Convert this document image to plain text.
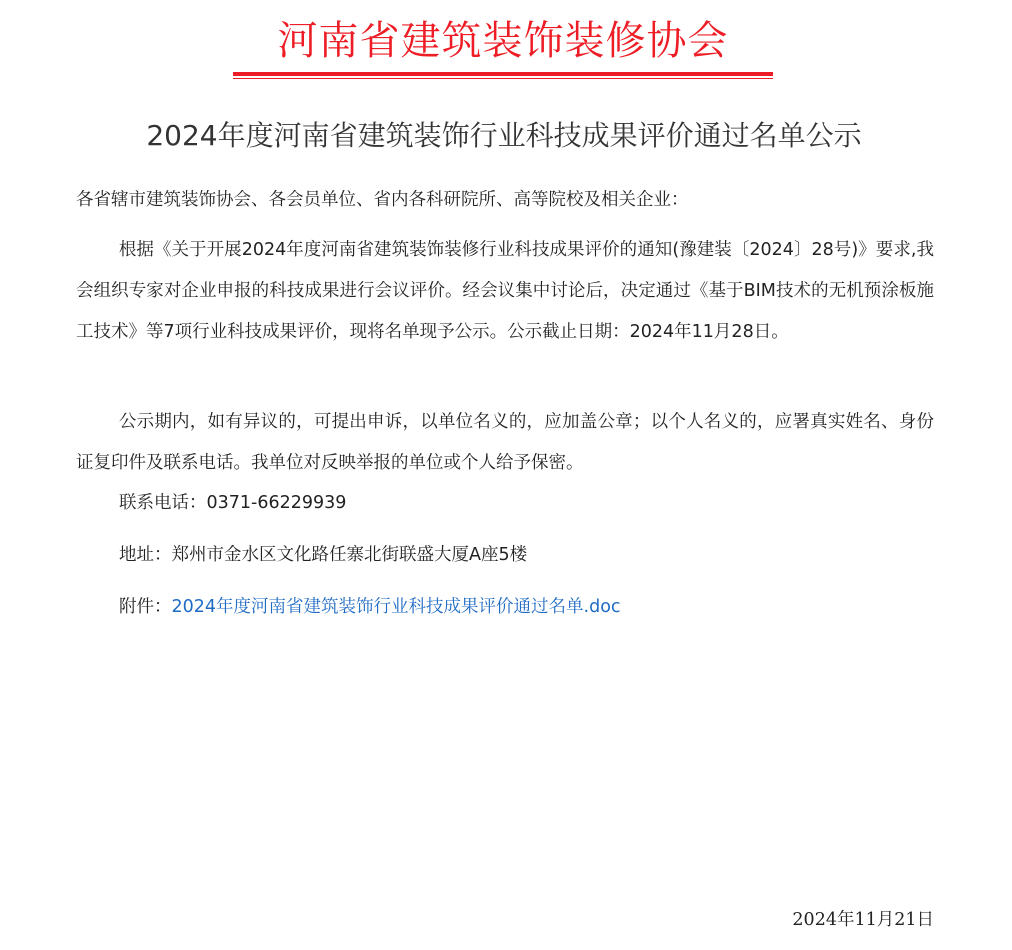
河南省建筑装饰装修协会
2024年度河南省建筑装饰行业科技成果评价通过名单公示
各省辖市建筑装饰协会、各会员单位、省内各科研院所、高等院校及相关企业：
根据《关于开展2024年度河南省建筑装饰装修行业科技成果评价的通知(豫建装〔2024〕28号)》要求,我会组织专家对企业申报的科技成果进行会议评价。经会议集中讨论后，决定通过《基于BIM技术的无机预涂板施工技术》等7项行业科技成果评价，现将名单现予公示。公示截止日期：2024年11月28日。
公示期内，如有异议的，可提出申诉，以单位名义的，应加盖公章；以个人名义的，应署真实姓名、身份证复印件及联系电话。我单位对反映举报的单位或个人给予保密。
联系电话：0371-66229939
地址：郑州市金水区文化路任寨北街联盛大厦A座5楼
附件：2024年度河南省建筑装饰行业科技成果评价通过名单.doc
2024年11月21日
